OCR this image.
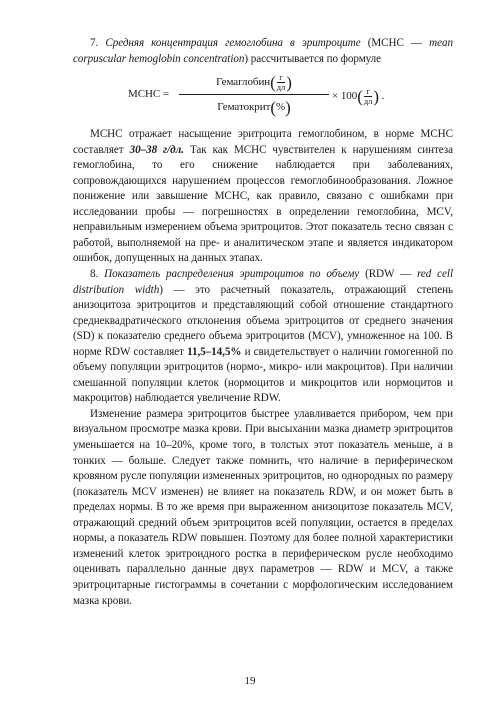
7. Средняя концентрация гемоглобина в эритроците (МСНС — mean corpuscular hemoglobin concentration) рассчитывается по формуле

МСНС =
Гемаглобин( г
дл )
Гематокрит(%)
× 100( г
дл ) .

МСНС отражает насыщение эритроцита гемоглобином, в норме МСНС составляет 30–38 г/дл. Так как МСНС чувствителен к нарушениям синтеза гемоглобина, то его снижение наблюдается при заболеваниях, сопровождающихся нарушением процессов гемоглобинообразования. Ложное понижение или завышение МСНС, как правило, связано с ошибками при исследовании пробы — погрешностях в определении гемоглобина, MCV, неправильным измерением объема эритроцитов. Этот показатель тесно связан с работой, выполняемой на пре- и аналитическом этапе и является индикатором ошибок, допущенных на данных этапах.

8. Показатель распределения эритроцитов по объему (RDW — red cell distribution width) — это расчетный показатель, отражающий степень анизоцитоза эритроцитов и представляющий собой отношение стандартного среднеквадратического отклонения объема эритроцитов от среднего значения (SD) к показателю среднего объема эритроцитов (MCV), умноженное на 100. В норме RDW составляет 11,5–14,5% и свидетельствует о наличии гомогенной по объему популяции эритроцитов (нормо-, микро- или макроцитов). При наличии смешанной популяции клеток (нормоцитов и микроцитов или нормоцитов и макроцитов) наблюдается увеличение RDW.

Изменение размера эритроцитов быстрее улавливается прибором, чем при визуальном просмотре мазка крови. При высыхании мазка диаметр эритроцитов уменьшается на 10–20%, кроме того, в толстых этот показатель меньше, а в тонких — больше. Следует также помнить, что наличие в периферическом кровяном русле популяции измененных эритроцитов, но однородных по размеру (показатель MCV изменен) не влияет на показатель RDW, и он может быть в пределах нормы. В то же время при выраженном анизоцитозе показатель MCV, отражающий средний объем эритроцитов всей популяции, остается в пределах нормы, а показатель RDW повышен. Поэтому для более полной характеристики изменений клеток эритроидного ростка в периферическом русле необходимо оценивать параллельно данные двух параметров — RDW и MCV, а также эритроцитарные гистограммы в сочетании с морфологическим исследованием мазка крови.

19
